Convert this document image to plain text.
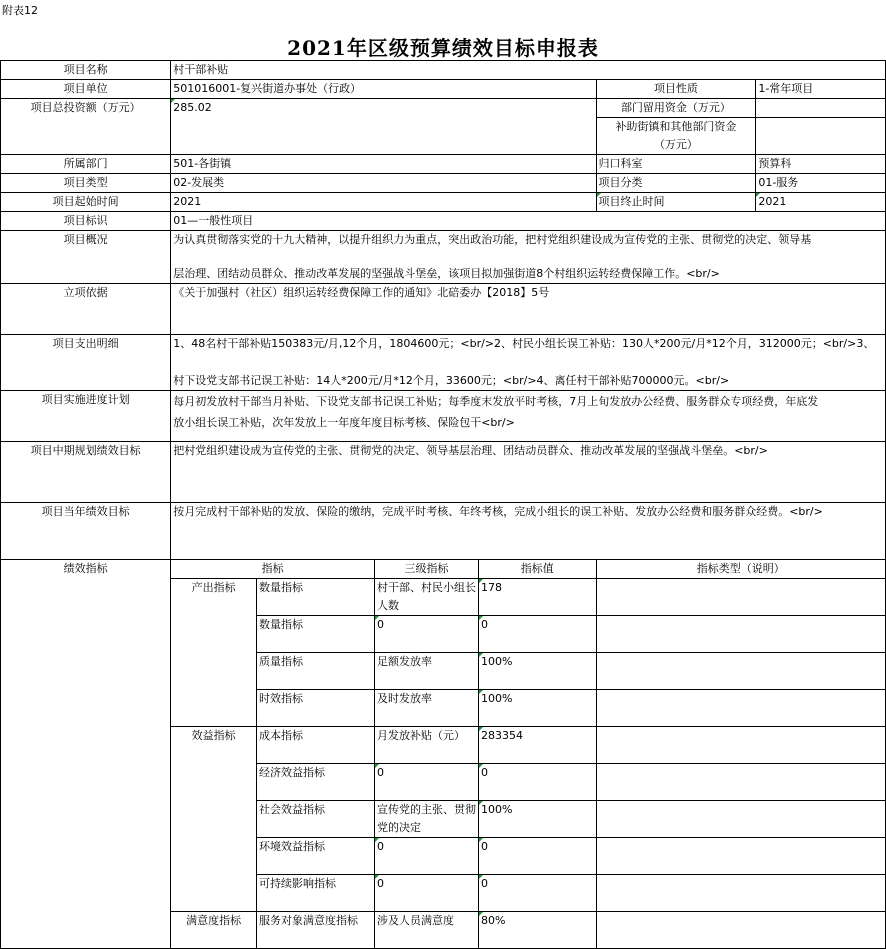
附表12
2021年区级预算绩效目标申报表
项目名称	村干部补贴					
项目单位	501016001-复兴街道办事处（行政）				项目性质	1-常年项目
项目总投资额（万元）	285.02				部门留用资金（万元）	

					补助街镇和其他部门资金
（万元）	

所属部门	501-各街镇				归口科室	预算科
项目类型	02-发展类				项目分类	01-服务
项目起始时间	2021				项目终止时间	2021
项目标识	01—一般性项目					
项目概况	为认真贯彻落实党的十九大精神，以提升组织力为重点，突出政治功能，把村党组织建设成为宣传党的主张、贯彻党的决定、领导基
层治理、团结动员群众、推动改革发展的坚强战斗堡垒，该项目拟加强街道8个村组织运转经费保障工作。<br/>					

立项依据	《关于加强村（社区）组织运转经费保障工作的通知》北碚委办【2018】5号					
项目支出明细	1、48名村干部补贴150383元/月,12个月，1804600元；<br/>2、村民小组长误工补贴：130人*200元/月*12个月，312000元；<br/>3、
村下设党支部书记误工补贴：14人*200元/月*12个月，33600元；<br/>4、离任村干部补贴700000元。<br/>					

项目实施进度计划	每月初发放村干部当月补贴、下设党支部书记误工补贴；每季度末发放平时考核，7月上旬发放办公经费、服务群众专项经费，年底发
放小组长误工补贴，次年发放上一年度年度目标考核、保险包干<br/>					

项目中期规划绩效目标	把村党组织建设成为宣传党的主张、贯彻党的决定、领导基层治理、团结动员群众、推动改革发展的坚强战斗堡垒。<br/>					
项目当年绩效目标	按月完成村干部补贴的发放、保险的缴纳，完成平时考核、年终考核，完成小组长的误工补贴、发放办公经费和服务群众经费。<br/>					
绩效指标	指标		三级指标	指标值	指标类型（说明）	
	产出指标	数量指标	村干部、村民小组长
人数	178		
		数量指标	0	0		
		质量指标	足额发放率	100%		
		时效指标	及时发放率	100%		
	效益指标	成本指标	月发放补贴（元）	283354		
		经济效益指标	0	0		
		社会效益指标	宣传党的主张、贯彻
党的决定	100%		
		环境效益指标	0	0		
		可持续影响指标	0	0		
	满意度指标	服务对象满意度指标	涉及人员满意度	80%		
